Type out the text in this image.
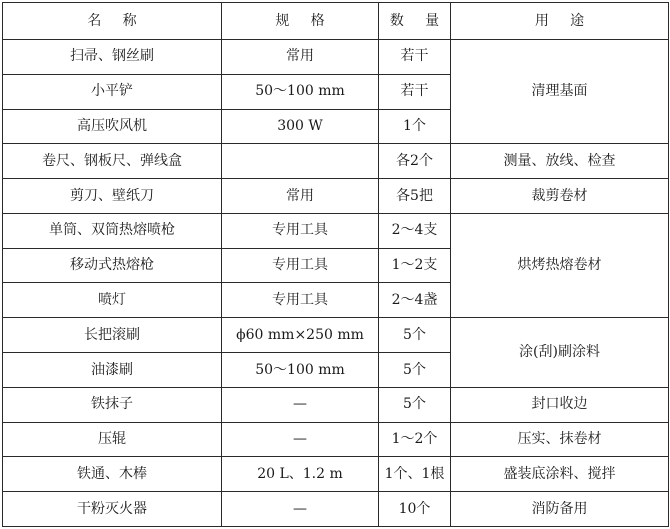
名 称	规 格	数 量	用 途
扫帚、钢丝刷	常用	若干	清理基面
小平铲	50～100 mm	若干	
高压吹风机	300 W	1个	
卷尺、钢板尺、弹线盒		各2个	测量、放线、检查
剪刀、壁纸刀	常用	各5把	裁剪卷材
单筒、双筒热熔喷枪	专用工具	2～4支	烘烤热熔卷材
移动式热熔枪	专用工具	1～2支	
喷灯	专用工具	2～4盏	
长把滚刷	ϕ60 mm×250 mm	5个	涂(刮)刷涂料
油漆刷	50～100 mm	5个	
铁抹子	—	5个	封口收边
压辊	—	1～2个	压实、抹卷材
铁通、木棒	20 L、1.2 m	1个、1根	盛装底涂料、搅拌
干粉灭火器	—	10个	消防备用
